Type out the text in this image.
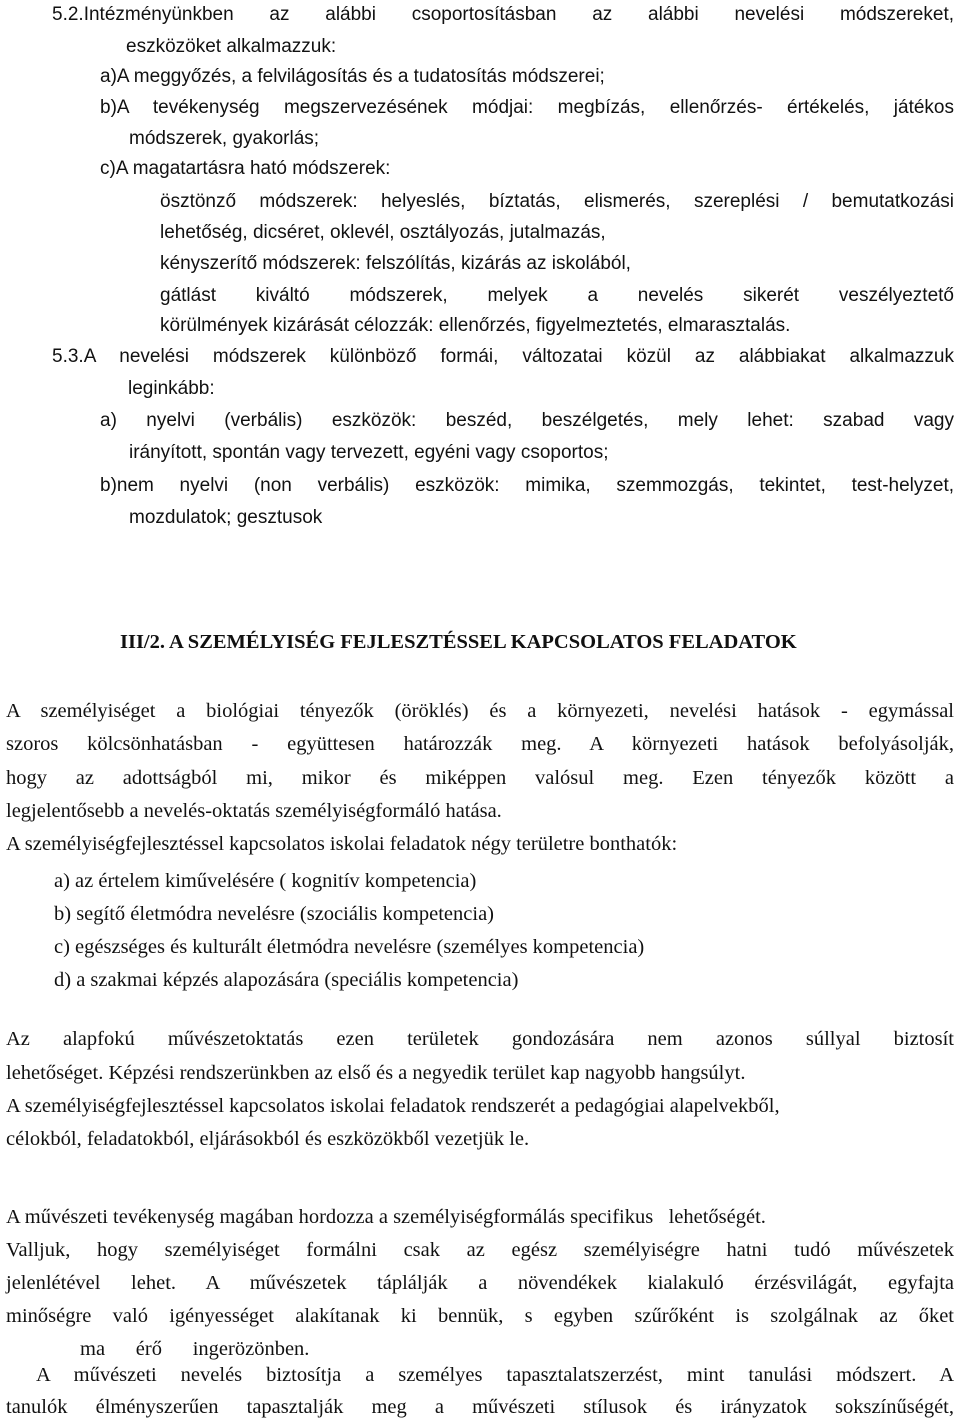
5.2.Intézményünkben az alábbi csoportosításban az alábbi nevelési módszereket,
eszközöket alkalmazzuk:
a)A meggyőzés, a felvilágosítás és a tudatosítás módszerei;
b)A tevékenység megszervezésének módjai: megbízás, ellenőrzés- értékelés, játékos
módszerek, gyakorlás;
c)A magatartásra ható módszerek:
ösztönző módszerek: helyeslés, bíztatás, elismerés, szereplési / bemutatkozási
lehetőség, dicséret, oklevél, osztályozás, jutalmazás,
kényszerítő módszerek: felszólítás, kizárás az iskolából,
gátlást kiváltó módszerek, melyek a nevelés sikerét veszélyeztető
körülmények kizárását célozzák: ellenőrzés, figyelmeztetés, elmarasztalás.
5.3.A nevelési módszerek különböző formái, változatai közül az alábbiakat alkalmazzuk
leginkább:
a) nyelvi (verbális) eszközök: beszéd, beszélgetés, mely lehet: szabad vagy
irányított, spontán vagy tervezett, egyéni vagy csoportos;
b)nem nyelvi (non verbális) eszközök: mimika, szemmozgás, tekintet, test-helyzet,
mozdulatok; gesztusok
III/2. A SZEMÉLYISÉG FEJLESZTÉSSEL KAPCSOLATOS FELADATOK
A személyiséget a biológiai tényezők (öröklés) és a környezeti, nevelési hatások - egymással
szoros kölcsönhatásban - együttesen határozzák meg. A környezeti hatások befolyásolják,
hogy az adottságból mi, mikor és miképpen valósul meg. Ezen tényezők között a
legjelentősebb a nevelés-oktatás személyiségformáló hatása.
A személyiségfejlesztéssel kapcsolatos iskolai feladatok négy területre bonthatók:
a) az értelem kiművelésére ( kognitív kompetencia)
b) segítő életmódra nevelésre (szociális kompetencia)
c) egészséges és kulturált életmódra nevelésre (személyes kompetencia)
d) a szakmai képzés alapozására (speciális kompetencia)
Az alapfokú művészetoktatás ezen területek gondozására nem azonos súllyal biztosít
lehetőséget. Képzési rendszerünkben az első és a negyedik terület kap nagyobb hangsúlyt.
A személyiségfejlesztéssel kapcsolatos iskolai feladatok rendszerét a pedagógiai alapelvekből,
célokból, feladatokból, eljárásokból és eszközökből vezetjük le.
A művészeti tevékenység magában hordozza a személyiségformálás specifikus   lehetőségét.
Valljuk, hogy személyiséget formálni csak az egész személyiségre hatni tudó művészetek
jelenlétével lehet. A művészetek táplálják a növendékek kialakuló érzésvilágát, egyfajta
minőségre való igényességet alakítanak ki bennük, s egyben szűrőként is szolgálnak az őket
ma      érő      ingerözönben.
A művészeti nevelés biztosítja a személyes tapasztalatszerzést, mint tanulási módszert. A
tanulók élményszerűen tapasztalják meg a művészeti stílusok és irányzatok sokszínűségét,
